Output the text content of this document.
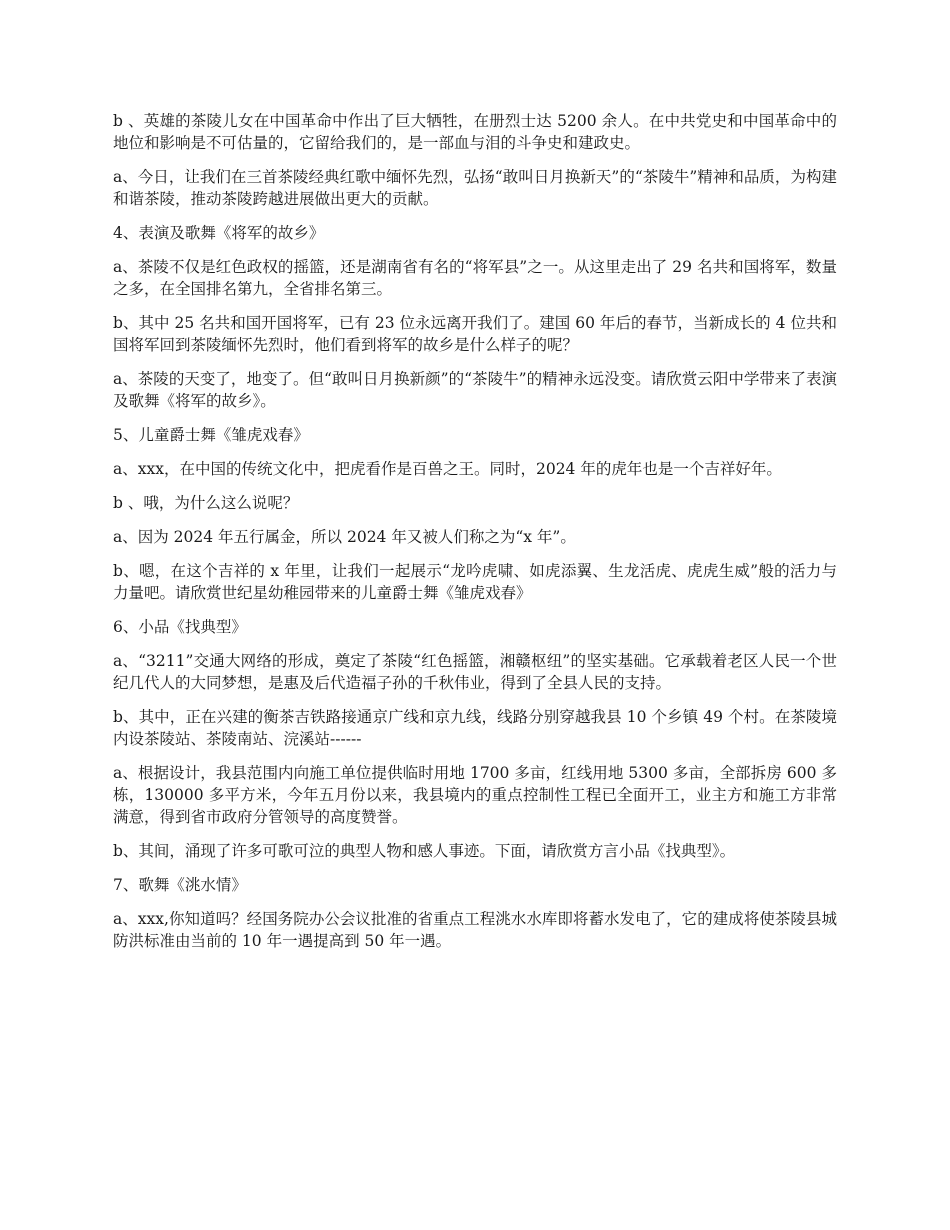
b 、英雄的茶陵儿女在中国革命中作出了巨大牺牲，在册烈士达 5200 余人。在中共党史和中国革命中的地位和影响是不可估量的，它留给我们的，是一部血与泪的斗争史和建政史。

a、今日，让我们在三首茶陵经典红歌中缅怀先烈，弘扬“敢叫日月换新天”的“茶陵牛”精神和品质，为构建和谐茶陵，推动茶陵跨越进展做出更大的贡献。

4、表演及歌舞《将军的故乡》

a、茶陵不仅是红色政权的摇篮，还是湖南省有名的“将军县”之一。从这里走出了 29 名共和国将军，数量之多，在全国排名第九，全省排名第三。

b、其中 25 名共和国开国将军，已有 23 位永远离开我们了。建国 60 年后的春节，当新成长的 4 位共和国将军回到茶陵缅怀先烈时，他们看到将军的故乡是什么样子的呢？

a、茶陵的天变了，地变了。但“敢叫日月换新颜”的“茶陵牛”的精神永远没变。请欣赏云阳中学带来了表演及歌舞《将军的故乡》。

5、儿童爵士舞《雏虎戏春》

a、xxx，在中国的传统文化中，把虎看作是百兽之王。同时，2024 年的虎年也是一个吉祥好年。

b 、哦，为什么这么说呢？

a、因为 2024 年五行属金，所以 2024 年又被人们称之为“x 年”。

b、嗯，在这个吉祥的 x 年里，让我们一起展示“龙吟虎啸、如虎添翼、生龙活虎、虎虎生威”般的活力与力量吧。请欣赏世纪星幼稚园带来的儿童爵士舞《雏虎戏春》

6、小品《找典型》

a、“3211”交通大网络的形成，奠定了茶陵“红色摇篮，湘赣枢纽”的坚实基础。它承载着老区人民一个世纪几代人的大同梦想，是惠及后代造福子孙的千秋伟业，得到了全县人民的支持。

b、其中，正在兴建的衡茶吉铁路接通京广线和京九线，线路分别穿越我县 10 个乡镇 49 个村。在茶陵境内设茶陵站、茶陵南站、浣溪站------

a、根据设计，我县范围内向施工单位提供临时用地 1700 多亩，红线用地 5300 多亩，全部拆房 600 多栋，130000 多平方米，今年五月份以来，我县境内的重点控制性工程已全面开工，业主方和施工方非常满意，得到省市政府分管领导的高度赞誉。

b、其间，涌现了许多可歌可泣的典型人物和感人事迹。下面，请欣赏方言小品《找典型》。

7、歌舞《洮水情》

a、xxx,你知道吗？经国务院办公会议批准的省重点工程洮水水库即将蓄水发电了，它的建成将使茶陵县城防洪标准由当前的 10 年一遇提高到 50 年一遇。
